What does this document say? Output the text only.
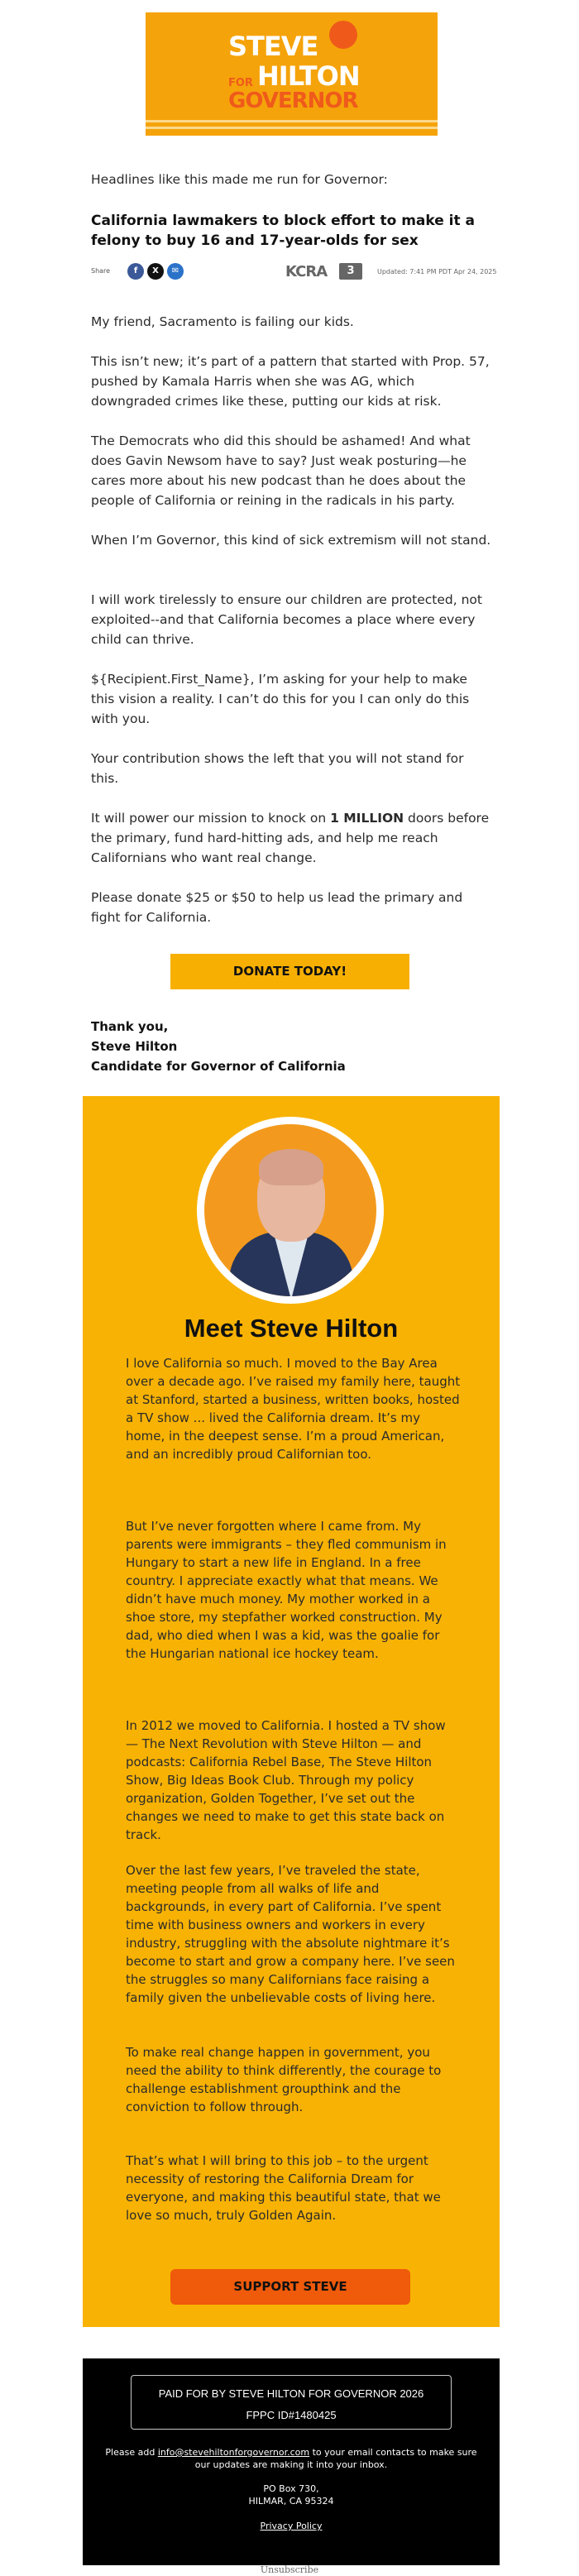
STEVE
HILTON
FOR
GOVERNOR
Headlines like this made me run for Governor:
California lawmakers to block effort to make it a felony to buy 16 and 17-year-olds for sex
Share	f	X	✉	KCRA	3	Updated: 7:41 PM PDT Apr 24, 2025
My friend, Sacramento is failing our kids.
This isn’t new; it’s part of a pattern that started with Prop. 57, pushed by Kamala Harris when she was AG, which downgraded crimes like these, putting our kids at risk.
The Democrats who did this should be ashamed! And what does Gavin Newsom have to say? Just weak posturing—he cares more about his new podcast than he does about the people of California or reining in the radicals in his party.
When I’m Governor, this kind of sick extremism will not stand.
I will work tirelessly to ensure our children are protected, not exploited--and that California becomes a place where every child can thrive.
${Recipient.First_Name}, I’m asking for your help to make this vision a reality. I can’t do this for you I can only do this with you.
Your contribution shows the left that you will not stand for this.
It will power our mission to knock on 1 MILLION doors before the primary, fund hard-hitting ads, and help me reach Californians who want real change.
Please donate $25 or $50 to help us lead the primary and fight for California.
DONATE TODAY!
Thank you,
Steve Hilton
Candidate for Governor of California
Meet Steve Hilton
I love California so much. I moved to the Bay Area over a decade ago. I’ve raised my family here, taught at Stanford, started a business, written books, hosted a TV show ... lived the California dream. It’s my home, in the deepest sense. I’m a proud American, and an incredibly proud Californian too.
But I’ve never forgotten where I came from. My parents were immigrants – they fled communism in Hungary to start a new life in England. In a free country. I appreciate exactly what that means. We didn’t have much money. My mother worked in a shoe store, my stepfather worked construction. My dad, who died when I was a kid, was the goalie for the Hungarian national ice hockey team.
In 2012 we moved to California. I hosted a TV show — The Next Revolution with Steve Hilton — and podcasts: California Rebel Base, The Steve Hilton Show, Big Ideas Book Club. Through my policy organization, Golden Together, I’ve set out the changes we need to make to get this state back on track.
Over the last few years, I’ve traveled the state, meeting people from all walks of life and backgrounds, in every part of California. I’ve spent time with business owners and workers in every industry, struggling with the absolute nightmare it’s become to start and grow a company here. I’ve seen the struggles so many Californians face raising a family given the unbelievable costs of living here.
To make real change happen in government, you need the ability to think differently, the courage to challenge establishment groupthink and the conviction to follow through.
That’s what I will bring to this job – to the urgent necessity of restoring the California Dream for everyone, and making this beautiful state, that we love so much, truly Golden Again.
SUPPORT STEVE
PAID FOR BY STEVE HILTON FOR GOVERNOR 2026
FPPC ID#1480425
Please add info@stevehiltonforgovernor.com to your email contacts to make sure our updates are making it into your inbox.
PO Box 730,
HILMAR, CA 95324
Privacy Policy
Unsubscribe
